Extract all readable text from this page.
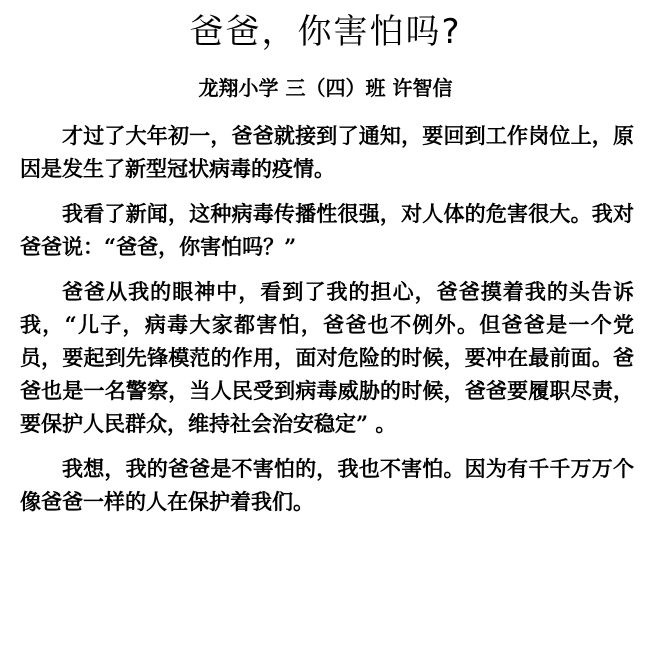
爸爸，你害怕吗?
龙翔小学 三（四）班 许智信

才过了大年初一，爸爸就接到了通知，要回到工作岗位上，原因是发生了新型冠状病毒的疫情。

我看了新闻，这种病毒传播性很强，对人体的危害很大。我对爸爸说：“爸爸，你害怕吗？”

爸爸从我的眼神中，看到了我的担心，爸爸摸着我的头告诉我，“儿子，病毒大家都害怕，爸爸也不例外。但爸爸是一个党员，要起到先锋模范的作用，面对危险的时候，要冲在最前面。爸爸也是一名警察，当人民受到病毒威胁的时候，爸爸要履职尽责，要保护人民群众，维持社会治安稳定” 。

我想，我的爸爸是不害怕的，我也不害怕。因为有千千万万个像爸爸一样的人在保护着我们。
